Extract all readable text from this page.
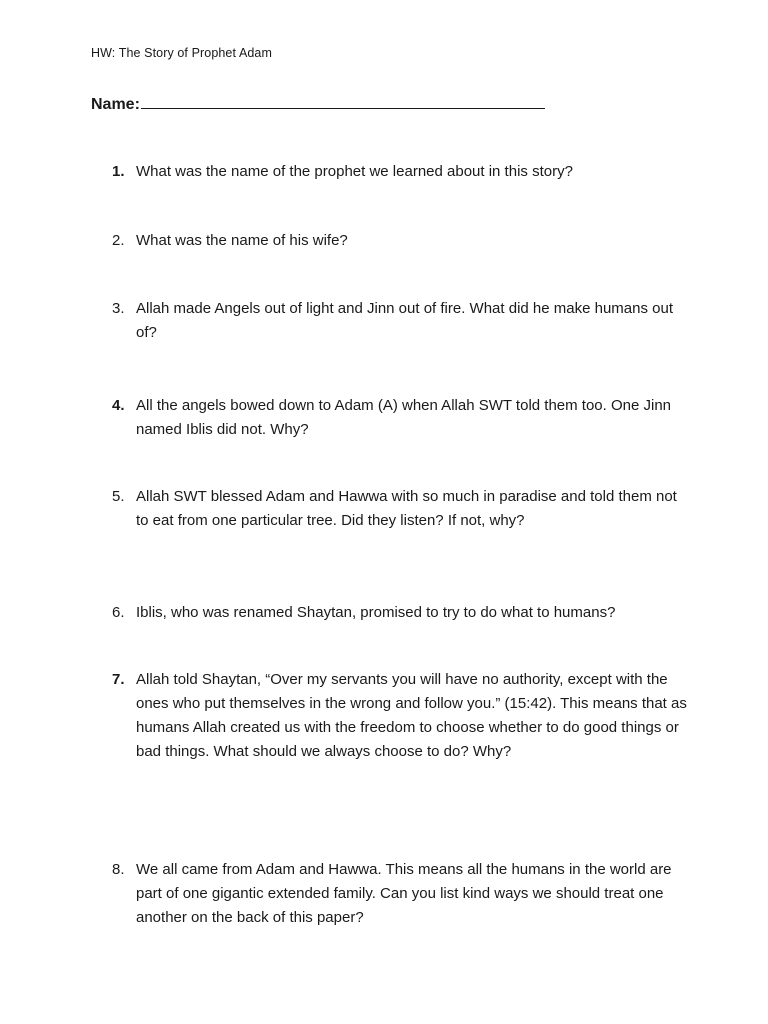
HW: The Story of Prophet Adam
Name:
1. What was the name of the prophet we learned about in this story?
2. What was the name of his wife?
3. Allah made Angels out of light and Jinn out of fire. What did he make humans out of?
4. All the angels bowed down to Adam (A) when Allah SWT told them too. One Jinn named Iblis did not. Why?
5. Allah SWT blessed Adam and Hawwa with so much in paradise and told them not to eat from one particular tree. Did they listen? If not, why?
6. Iblis, who was renamed Shaytan, promised to try to do what to humans?
7. Allah told Shaytan, “Over my servants you will have no authority, except with the ones who put themselves in the wrong and follow you.” (15:42). This means that as humans Allah created us with the freedom to choose whether to do good things or bad things. What should we always choose to do? Why?
8. We all came from Adam and Hawwa. This means all the humans in the world are part of one gigantic extended family. Can you list kind ways we should treat one another on the back of this paper?
